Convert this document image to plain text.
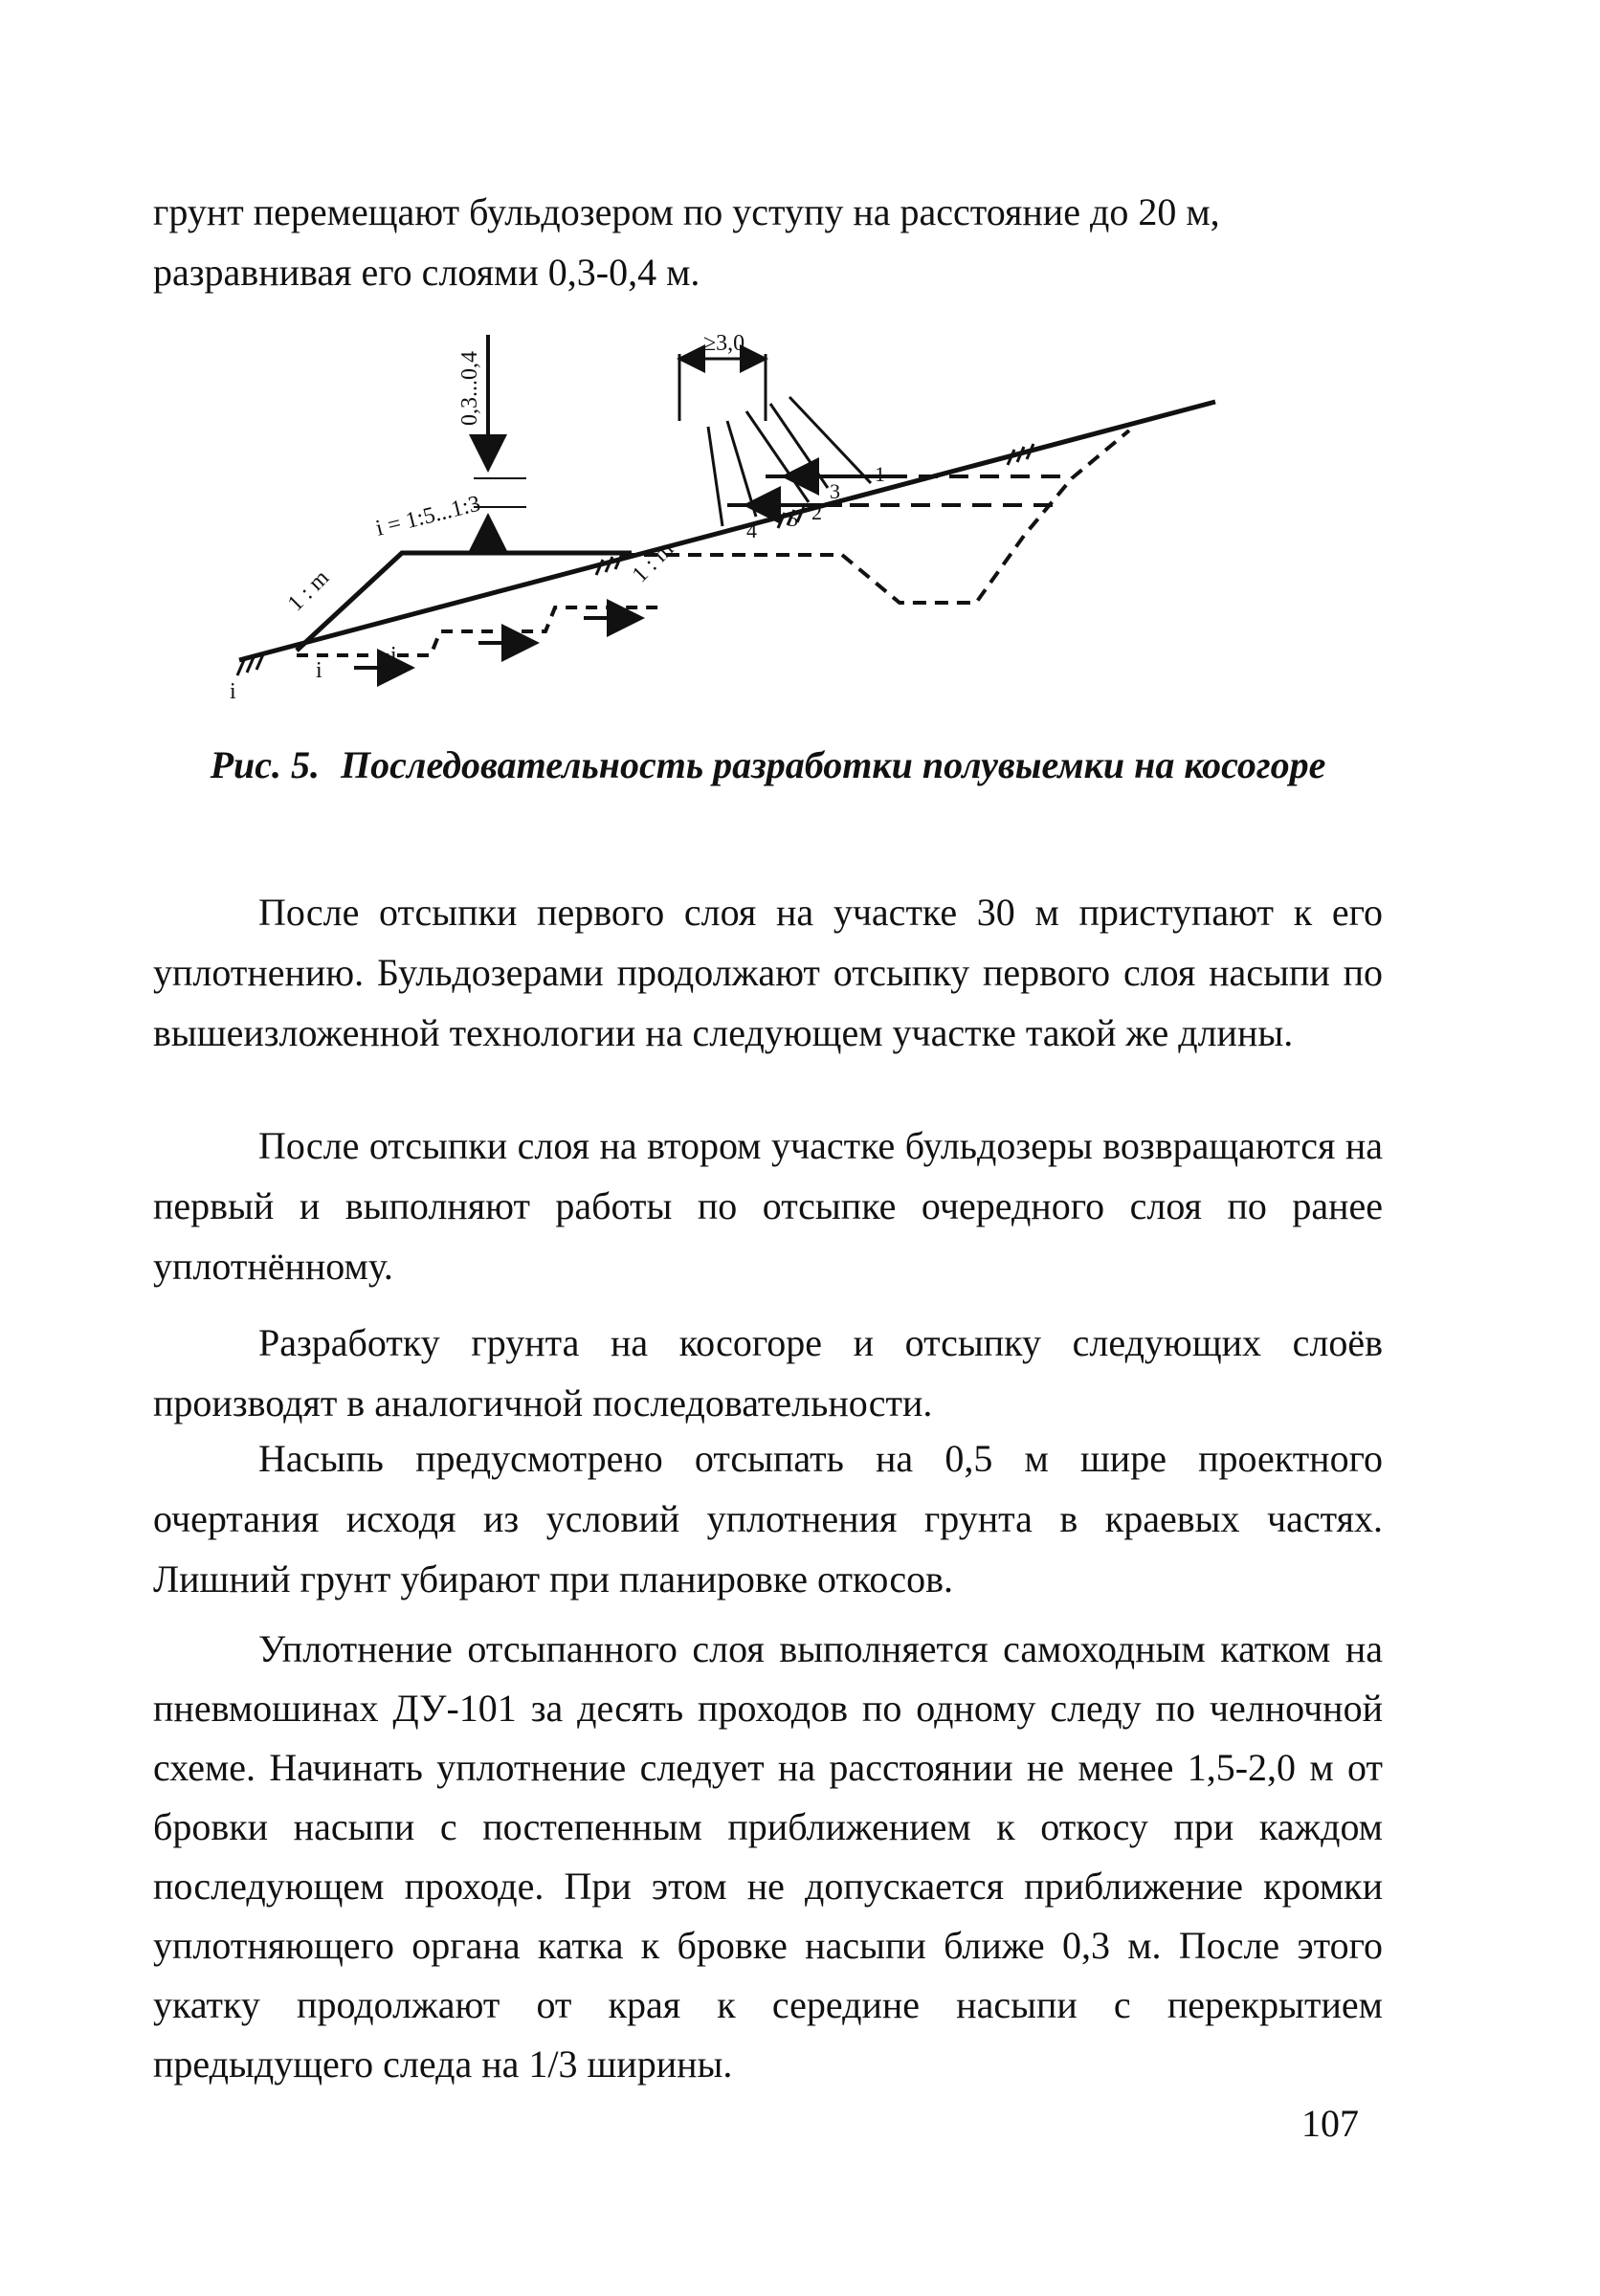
грунт перемещают бульдозером по уступу на расстояние до 20 м, разравнивая его слоями 0,3-0,4 м.

0,3...0,4
≥3,0
i = 1:5...1:3
1 : m
1 : m
i
i
i
1
2
3
4 5
Рис. 5. Последовательность разработки полувыемки на косогоре

После отсыпки первого слоя на участке 30 м приступают к его уплотнению. Бульдозерами продолжают отсыпку первого слоя насыпи по вышеизложенной технологии на следующем участке такой же длины.

После отсыпки слоя на втором участке бульдозеры возвращаются на первый и выполняют работы по отсыпке очередного слоя по ранее уплотнённому.

Разработку грунта на косогоре и отсыпку следующих слоёв производят в аналогичной последовательности.

Насыпь предусмотрено отсыпать на 0,5 м шире проектного очертания исходя из условий уплотнения грунта в краевых частях. Лишний грунт убирают при планировке откосов.

Уплотнение отсыпанного слоя выполняется самоходным катком на пневмошинах ДУ-101 за десять проходов по одному следу по челночной схеме. Начинать уплотнение следует на расстоянии не менее 1,5-2,0 м от бровки насыпи с постепенным приближением к откосу при каждом последующем проходе. При этом не допускается приближение кромки уплотняющего органа катка к бровке насыпи ближе 0,3 м. После этого укатку продолжают от края к середине насыпи с перекрытием предыдущего следа на 1/3 ширины.

107
